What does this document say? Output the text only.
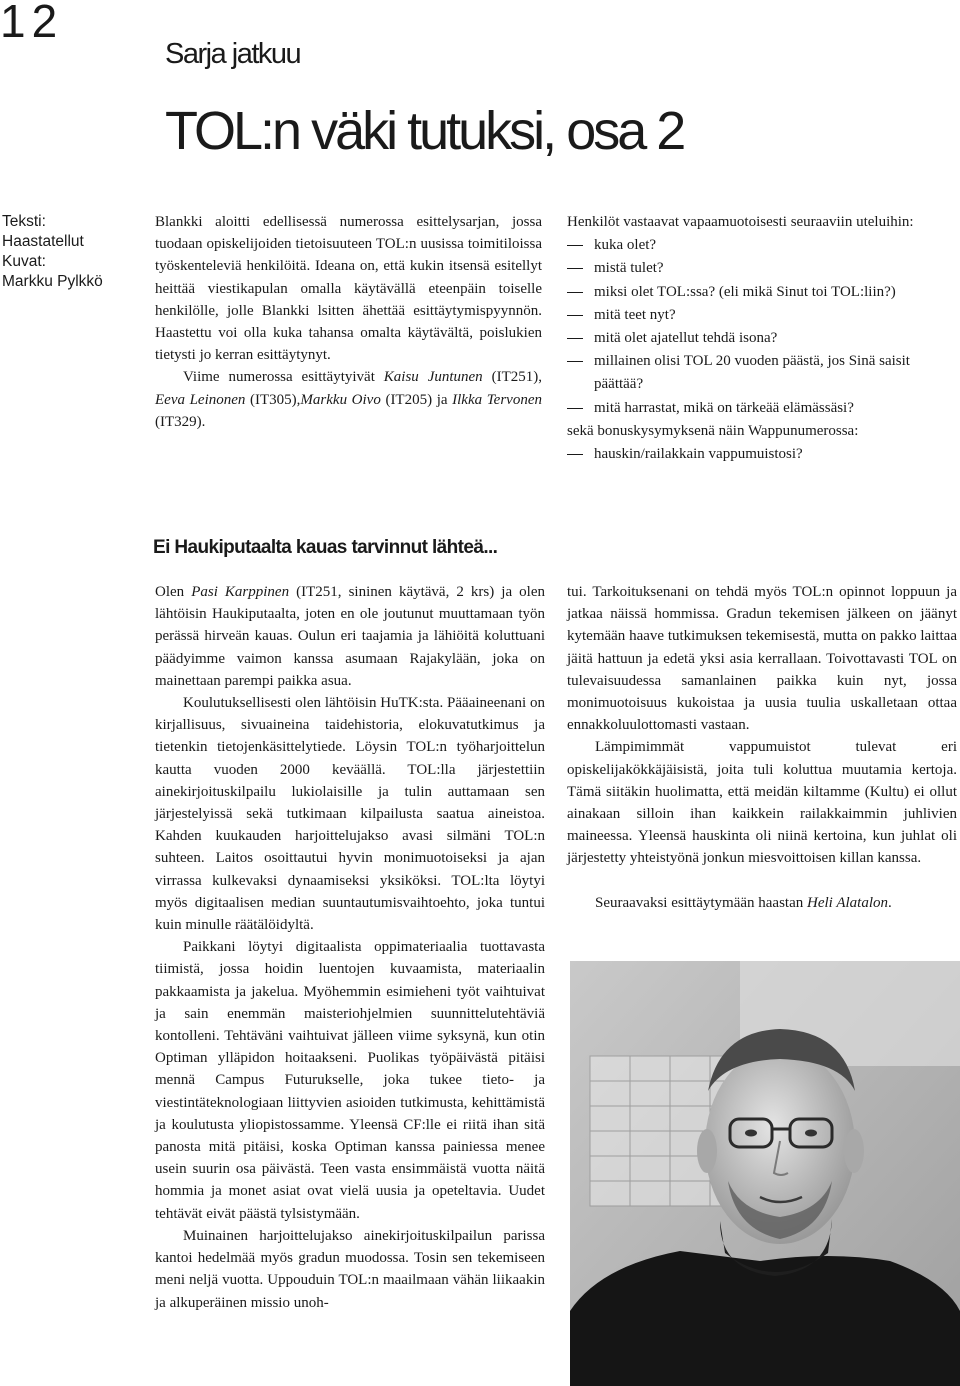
12
Sarja jatkuu
TOL:n väki tutuksi, osa 2
Teksti:
Haastatellut
Kuvat:
Markku Pylkkö

Blankki aloitti edellisessä numerossa esittelysarjan, jossa tuodaan opiskelijoiden tietoisuuteen TOL:n uusissa toimitiloissa työskenteleviä henkilöitä. Ideana on, että kukin itsensä esitellyt heittää viestikapulan omalla käytävällä eteenpäin toiselle henkilölle, jolle Blankki lsitten ähettää esittäytymispyynnön. Haastettu voi olla kuka tahansa omalta käytävältä, poislukien tietysti jo kerran esittäytynyt.

Viime numerossa esittäytyivät Kaisu Juntunen (IT251), Eeva Leinonen (IT305),Markku Oivo (IT205) ja Ilkka Tervonen (IT329).

Henkilöt vastaavat vapaamuotoisesti seuraaviin uteluihin:
kuka olet?
mistä tulet?
miksi olet TOL:ssa? (eli mikä Sinut toi TOL:liin?)
mitä teet nyt?
mitä olet ajatellut tehdä isona?
millainen olisi TOL 20 vuoden päästä, jos Sinä saisit päättää?
mitä harrastat, mikä on tärkeää elämässäsi?
sekä bonuskysymyksenä näin Wappunumerossa:
hauskin/railakkain vappumuistosi?
Ei Haukiputaalta kauas tarvinnut lähteä...

Olen Pasi Karppinen (IT251, sininen käytävä, 2 krs) ja olen lähtöisin Haukiputaalta, joten en ole joutunut muuttamaan työn perässä hirveän kauas. Oulun eri taajamia ja lähiöitä koluttuani päädyimme vaimon kanssa asumaan Rajakylään, joka on mainettaan parempi paikka asua.

Koulutuksellisesti olen lähtöisin HuTK:sta. Pääaineenani on kirjallisuus, sivuaineina taidehistoria, elokuvatutkimus ja tietenkin tietojenkäsittelytiede. Löysin TOL:n työharjoittelun kautta vuoden 2000 keväällä. TOL:lla järjestettiin ainekirjoituskilpailu lukiolaisille ja tulin auttamaan sen järjestelyissä sekä tutkimaan kilpailusta saatua aineistoa. Kahden kuukauden harjoittelujakso avasi silmäni TOL:n suhteen. Laitos osoittautui hyvin monimuotoiseksi ja ajan virrassa kulkevaksi dynaamiseksi yksiköksi. TOL:lta löytyi myös digitaalisen median suuntautumisvaihtoehto, joka tuntui kuin minulle räätälöidyltä.

Paikkani löytyi digitaalista oppimateriaalia tuottavasta tiimistä, jossa hoidin luentojen kuvaamista, materiaalin pakkaamista ja jakelua. Myöhemmin esimieheni työt vaihtuivat ja sain enemmän maisteriohjelmien suunnittelutehtäviä kontolleni. Tehtäväni vaihtuivat jälleen viime syksynä, kun otin Optiman ylläpidon hoitaakseni. Puolikas työpäivästä pitäisi mennä Campus Futurukselle, joka tukee tieto- ja viestintäteknologiaan liittyvien asioiden tutkimusta, kehittämistä ja koulutusta yliopistossamme. Yleensä CF:lle ei riitä ihan sitä panosta mitä pitäisi, koska Optiman kanssa painiessa menee usein suurin osa päivästä. Teen vasta ensimmäistä vuotta näitä hommia ja monet asiat ovat vielä uusia ja opeteltavia. Uudet tehtävät eivät päästä tylsistymään.

Muinainen harjoittelujakso ainekirjoituskilpailun parissa kantoi hedelmää myös gradun muodossa. Tosin sen tekemiseen meni neljä vuotta. Uppouduin TOL:n maailmaan vähän liikaakin ja alkuperäinen missio unoh-

tui. Tarkoituksenani on tehdä myös TOL:n opinnot loppuun ja jatkaa näissä hommissa. Gradun tekemisen jälkeen on jäänyt kytemään haave tutkimuksen tekemisestä, mutta on pakko laittaa jäitä hattuun ja edetä yksi asia kerrallaan. Toivottavasti TOL on tulevaisuudessa samanlainen paikka kuin nyt, jossa monimuotoisuus kukoistaa ja uusia tuulia uskalletaan ottaa ennakkoluulottomasti vastaan.

Lämpimimmät vappumuistot tulevat eri opiskelijakökkäjäisistä, joita tuli koluttua muutamia kertoja. Tämä siitäkin huolimatta, että meidän kiltamme (Kultu) ei ollut ainakaan silloin ihan kaikkein railakkaimmin juhlivien maineessa. Yleensä hauskinta oli niinä kertoina, kun juhlat oli järjestetty yhteistyönä jonkun miesvoittoisen killan kanssa.

Seuraavaksi esittäytymään haastan Heli Alatalon.
